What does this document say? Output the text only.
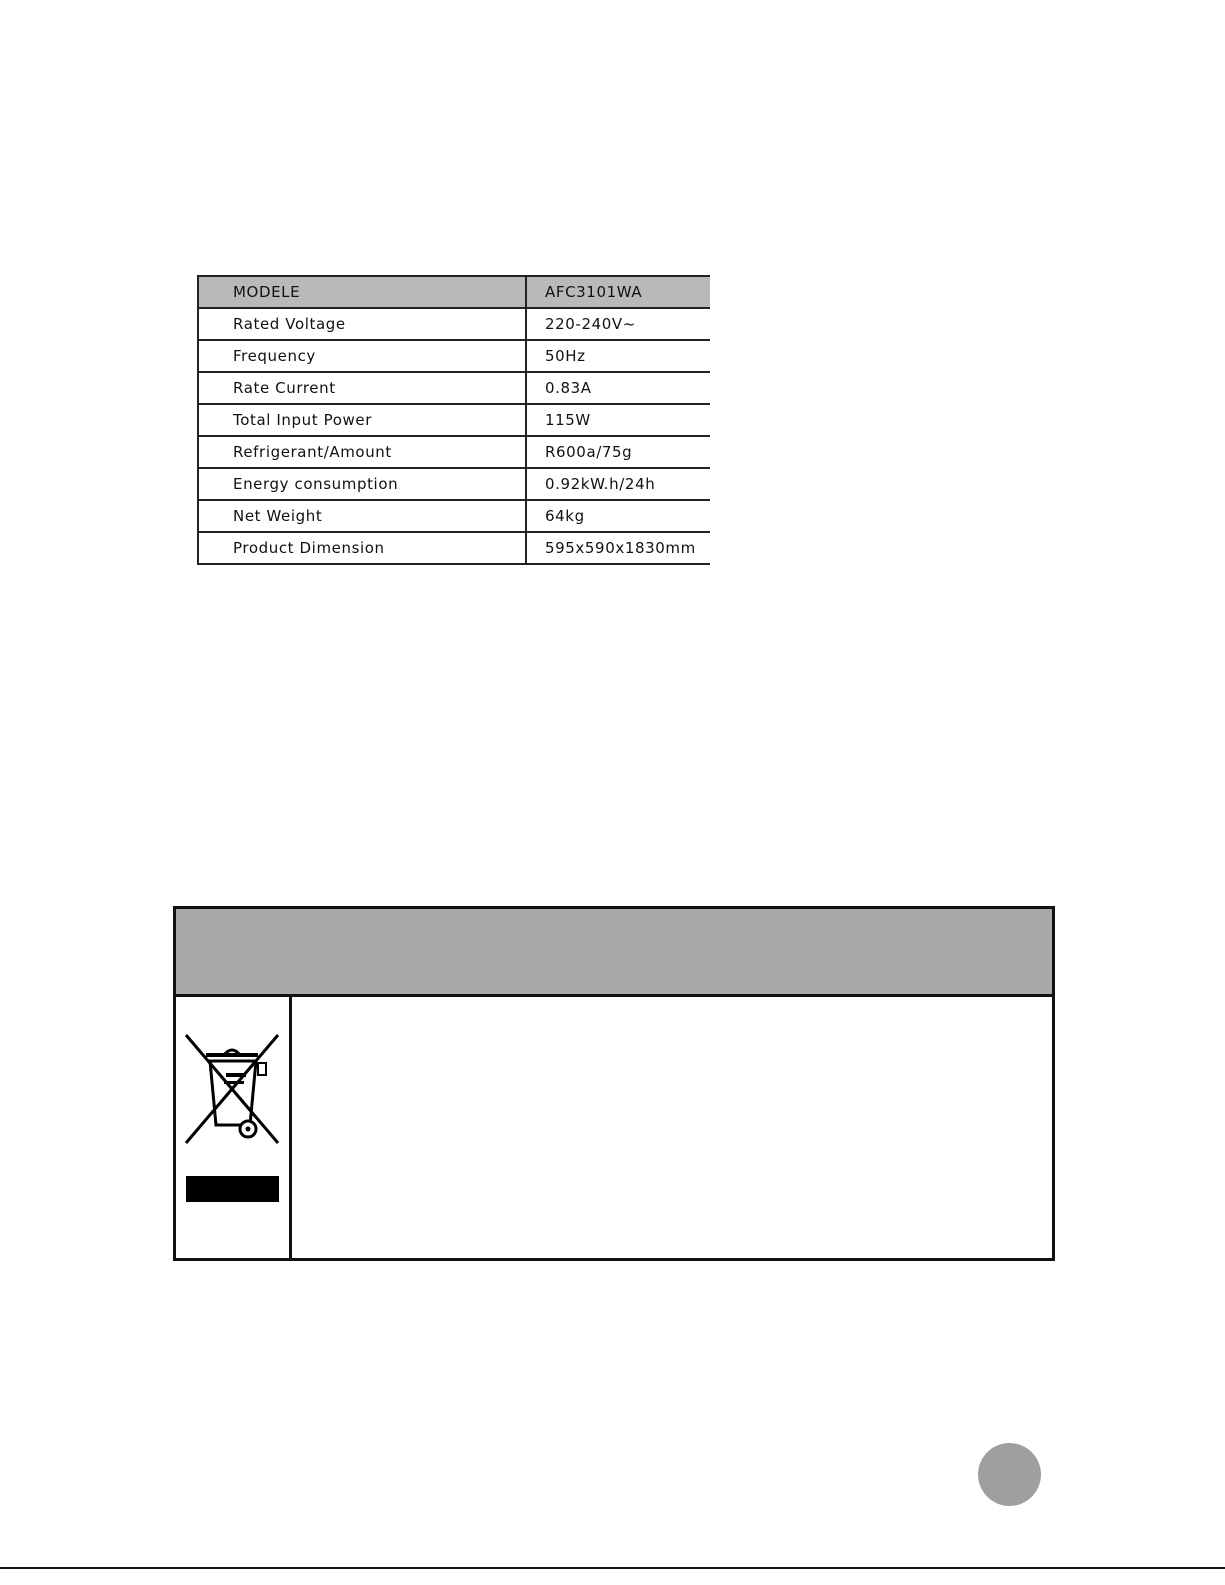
MODELE	AFC3101WA
Rated Voltage	220-240V~
Frequency	50Hz
Rate Current	0.83A
Total Input Power	115W
Refrigerant/Amount	R600a/75g
Energy consumption	0.92kW.h/24h
Net Weight	64kg
Product Dimension	595x590x1830mm
